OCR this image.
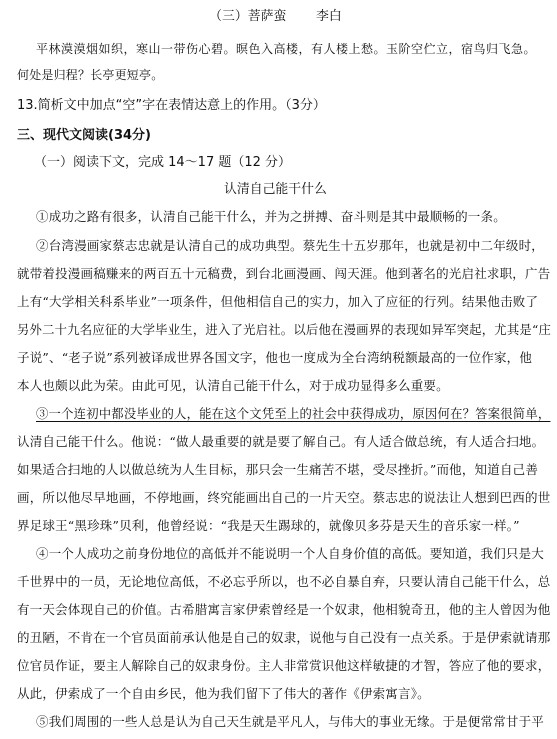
（三）菩萨蛮 李白
平林漠漠烟如织，寒山一带伤心碧。暝色入高楼，有人楼上愁。玉阶空伫立，宿鸟归飞急。
何处是归程？长亭更短亭。
13.简析文中加点“空”字在表情达意上的作用。（3分）
三、现代文阅读(34分)
（一）阅读下文，完成 14～17 题（12 分）
认清自己能干什么
①成功之路有很多，认清自己能干什么，并为之拼搏、奋斗则是其中最顺畅的一条。
②台湾漫画家蔡志忠就是认清自己的成功典型。蔡先生十五岁那年，也就是初中二年级时，
就带着投漫画稿赚来的两百五十元稿费，到台北画漫画、闯天涯。他到著名的光启社求职，广告
上有“大学相关科系毕业”一项条件，但他相信自己的实力，加入了应征的行列。结果他击败了
另外二十九名应征的大学毕业生，进入了光启社。以后他在漫画界的表现如异军突起，尤其是“庄
子说”、“老子说”系列被译成世界各国文字，他也一度成为全台湾纳税额最高的一位作家，他
本人也颇以此为荣。由此可见，认清自己能干什么，对于成功显得多么重要。
③一个连初中都没毕业的人，能在这个文凭至上的社会中获得成功，原因何在？答案很简单，
认清自己能干什么。他说：“做人最重要的就是要了解自己。有人适合做总统，有人适合扫地。
如果适合扫地的人以做总统为人生目标，那只会一生痛苦不堪，受尽挫折。”而他，知道自己善
画，所以他尽早地画，不停地画，终究能画出自己的一片天空。蔡志忠的说法让人想到巴西的世
界足球王“黑珍珠”贝利，他曾经说：“我是天生踢球的，就像贝多芬是天生的音乐家一样。”
④一个人成功之前身份地位的高低并不能说明一个人自身价值的高低。要知道，我们只是大
千世界中的一员，无论地位高低，不必忘乎所以，也不必自暴自弃，只要认清自己能干什么，总
有一天会体现自己的价值。古希腊寓言家伊索曾经是一个奴隶，他相貌奇丑，他的主人曾因为他
的丑陋，不肯在一个官员面前承认他是自己的奴隶，说他与自己没有一点关系。于是伊索就请那
位官员作证，要主人解除自己的奴隶身份。主人非常赏识他这样敏捷的才智，答应了他的要求，
从此，伊索成了一个自由乡民，他为我们留下了伟大的著作《伊索寓言》。
⑤我们周围的一些人总是认为自己天生就是平凡人，与伟大的事业无缘。于是便常常甘于平
